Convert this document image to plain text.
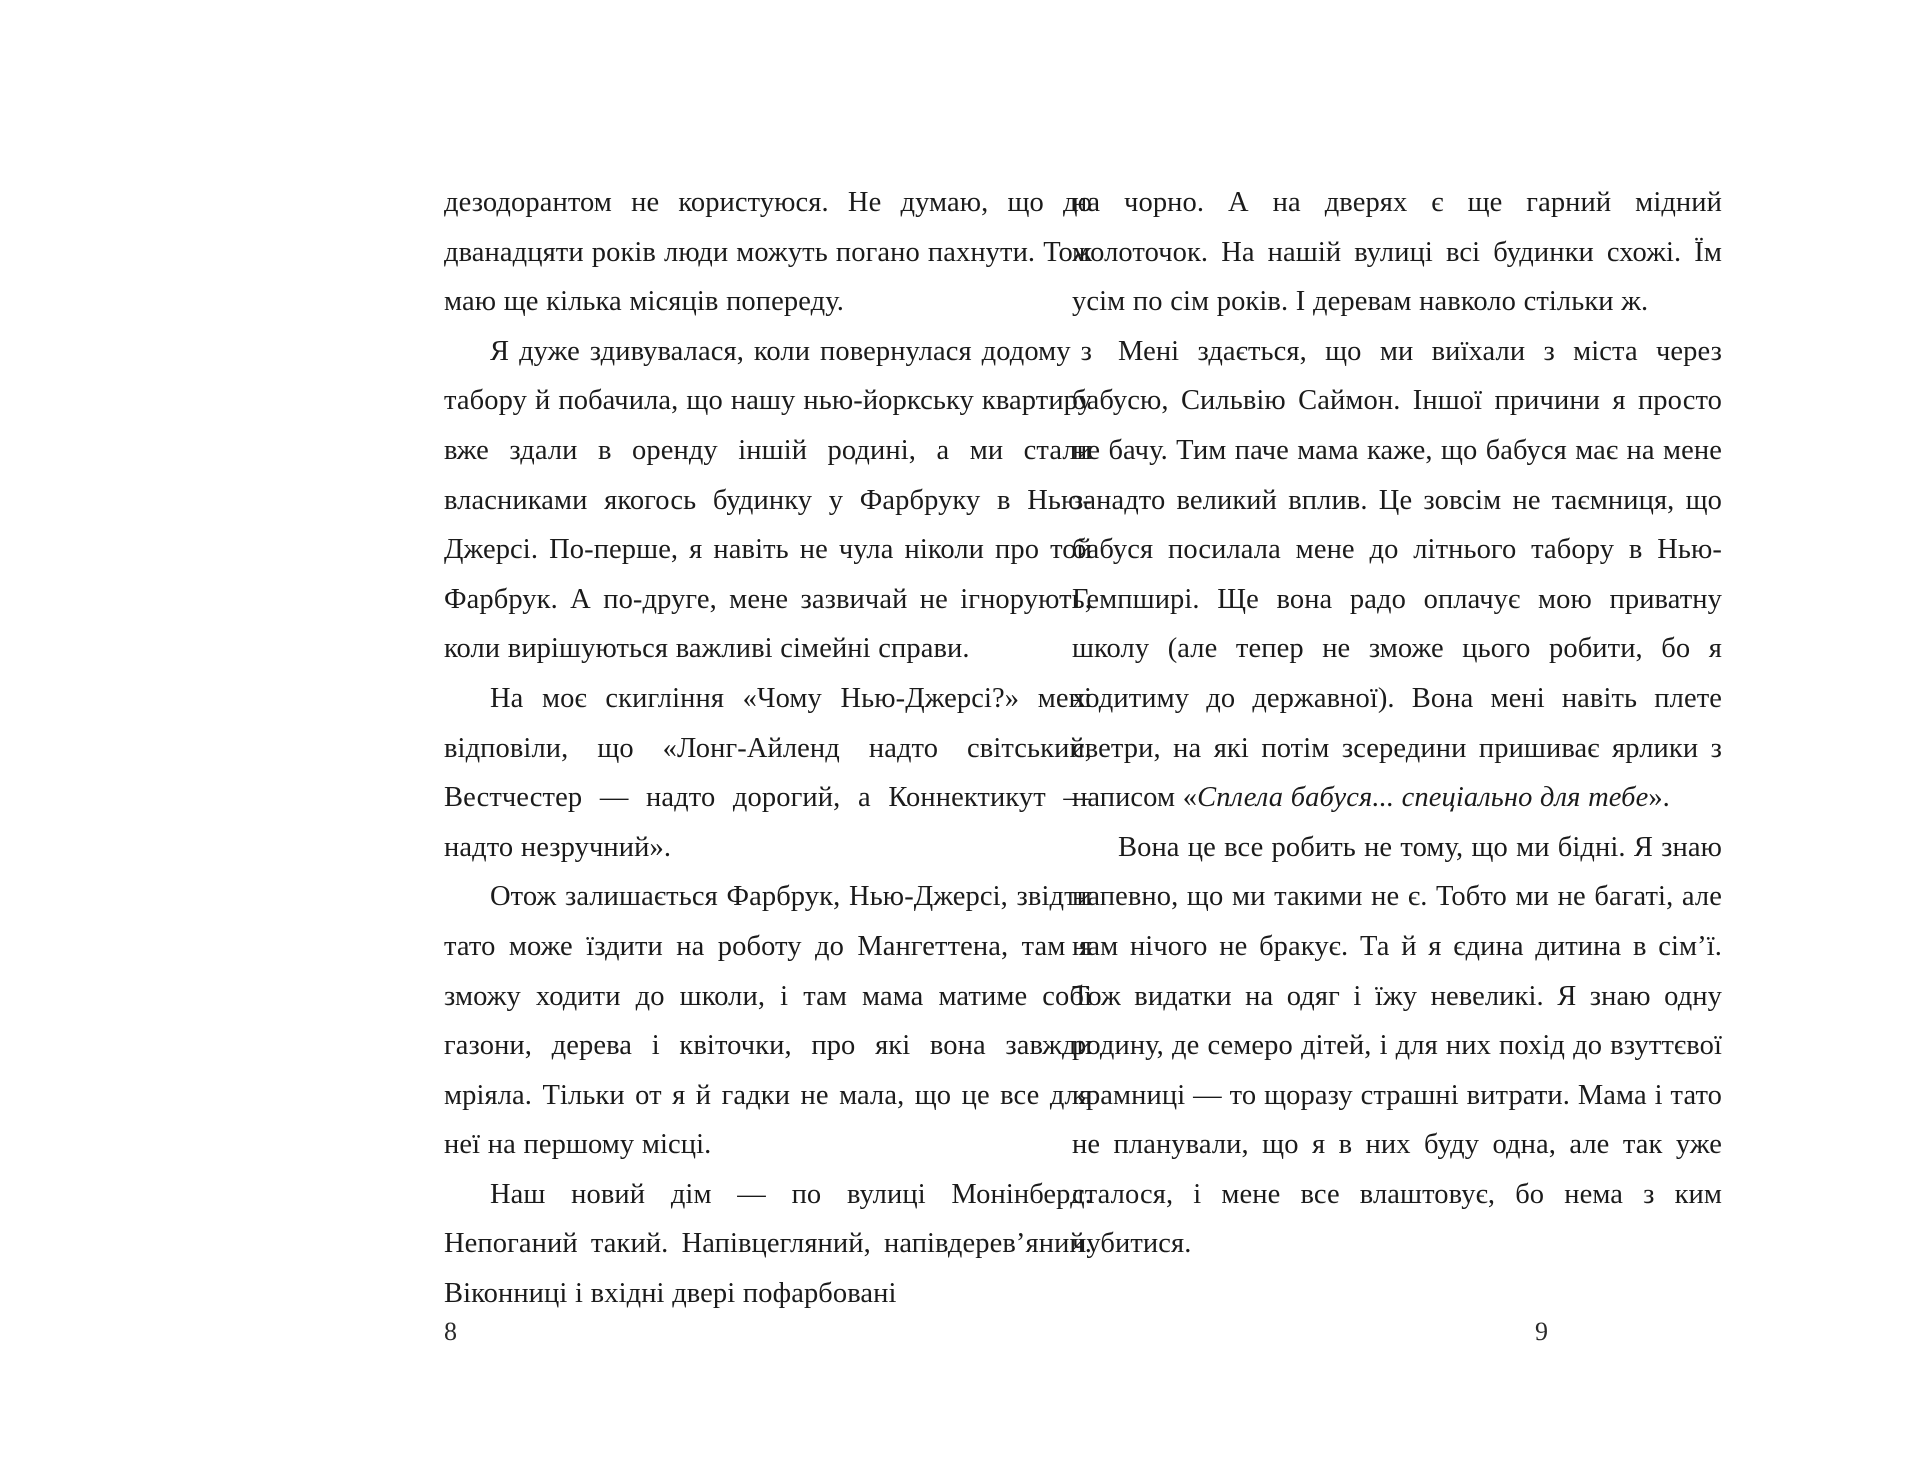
дезодорантом не користуюся. Не думаю, що до дванадцяти років люди можуть погано пахнути. Тож маю ще кілька місяців попереду.

Я дуже здивувалася, коли повернулася додому з табору й побачила, що нашу нью-йоркську квартиру вже здали в оренду іншій родині, а ми стали власниками якогось будинку у Фарбруку в Нью-Джерсі. По-перше, я навіть не чула ніколи про той Фарбрук. А по-друге, мене зазвичай не ігнорують, коли вирішуються важливі сімейні справи.

На моє скигління «Чому Нью-Джерсі?» мені відповіли, що «Лонг-Айленд надто світський, Вестчестер — надто дорогий, а Коннектикут — надто незручний».

Отож залишається Фарбрук, Нью-Джерсі, звідти тато може їздити на роботу до Мангеттена, там я зможу ходити до школи, і там мама матиме собі газони, дерева і квіточки, про які вона завжди мріяла. Тільки от я й гадки не мала, що це все для неї на першому місці.

Наш новий дім — по вулиці Монінберд. Непоганий такий. Напівцегляний, напівдерев’яний. Віконниці і вхідні двері пофарбовані

8

на чорно. А на дверях є ще гарний мідний молоточок. На нашій вулиці всі будинки схожі. Їм усім по сім років. І деревам навколо стільки ж.

Мені здається, що ми виїхали з міста через бабусю, Сильвію Саймон. Іншої причини я просто не бачу. Тим паче мама каже, що бабуся має на мене занадто великий вплив. Це зовсім не таємниця, що бабуся посилала мене до літнього табору в Нью-Гемпширі. Ще вона радо оплачує мою приватну школу (але тепер не зможе цього робити, бо я ходитиму до державної). Вона мені навіть плете светри, на які потім зсередини пришиває ярлики з написом «Сплела бабуся... спеціально для тебе».

Вона це все робить не тому, що ми бідні. Я знаю напевно, що ми такими не є. Тобто ми не багаті, але нам нічого не бракує. Та й я єдина дитина в сім’ї. Тож видатки на одяг і їжу невеликі. Я знаю одну родину, де семеро дітей, і для них похід до взуттєвої крамниці — то щоразу страшні витрати. Мама і тато не планували, що я в них буду одна, але так уже сталося, і мене все влаштовує, бо нема з ким чубитися.

9
